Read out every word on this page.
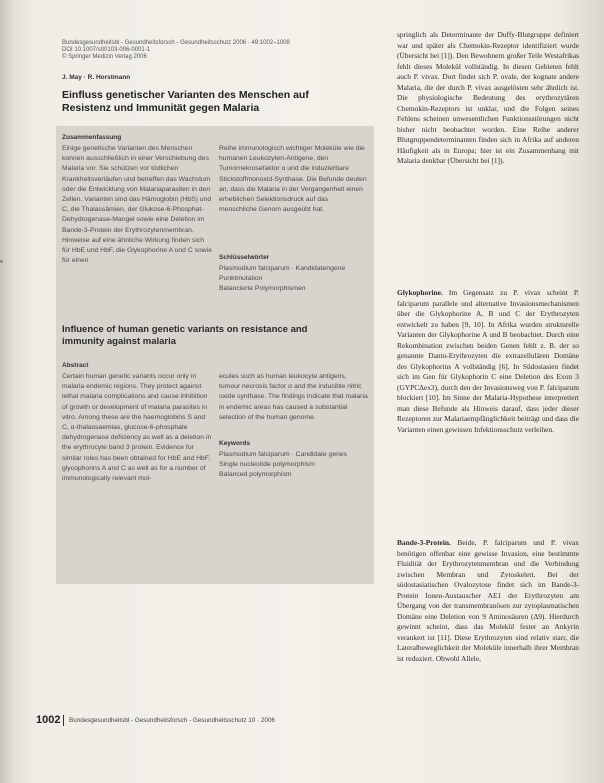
Bundesgesundheitsbl - Gesundheitsforsch - Gesundheitsschutz 2006 · 49:1002–1008
DOI 10.1007/s00103-006-0001-1
© Springer Medizin Verlag 2006
J. May · R. Horstmann
Einfluss genetischer Varianten des Menschen auf Resistenz und Immunität gegen Malaria
Zusammenfassung
Einige genetische Varianten des Menschen konnen ausschließlich in einer Verschiebung des Malaria vor. Sie schützen vor tödlichen Krankheitsverläufen und betreffen das Wachstum oder die Entwicklung von Malariaparasiten in den Zellen. Varianten sind das Hämoglobin (HbS) und C, die Thalassämien, der Glukose-6-Phosphat-Dehydrogenase-Mangel sowie eine Deletion im Bande-3-Protein der Erythrozytenmembran. Hinweise auf eine ähnliche Wirkung finden sich für HbE und HbF, die Glykophorine A und C sowie für einen
Reihe immunologisch wichtiger Moleküle wie die humanen Leukozyten-Antigene, den Tumornekrosefaktor α und die induzierbare Stickstoffmonoxid-Synthase. Die Befunde deuten an, dass die Malaria in der Vergangenheit einen erheblichen Selektionsdruck auf das menschliche Genom ausgeübt hat.
Schlüsselwörter
Plasmodium falciparum · Kandidatengene
Punktmutation
Balancierte Polymorphismen
Influence of human genetic variants on resistance and immunity against malaria
Abstract
Certain human genetic variants occur only in malaria endemic regions. They protect against lethal malaria complications and cause inhibition of growth or development of malaria parasites in vitro. Among these are the haemoglobins S and C, α-thalassaemias, glucose-6-phosphate dehydrogenase deficiency as well as a deletion in the erythrocyte band 3 protein. Evidence for similar roles has been obtained for HbE and HbF, glycophorins A and C as well as for a number of immunologically relevant mol-
ecules such as human leukocyte antigens, tumour necrosis factor α and the inducible nitric oxide synthase. The findings indicate that malaria in endemic areas has caused a substantial selection of the human genome.
Keywords
Plasmodium falciparum · Candidate genes
Single nucleotide polymorphism
Balanced polymorphism

springlich als Determinante der Duffy-Blutgruppe definiert war und später als Chemokin-Rezeptor identifiziert wurde (Übersicht bei [1]). Den Bewohnern großer Teile Westafrikas fehlt dieses Molekül vollständig. In diesen Gebieten fehlt auch P. vivax. Dort findet sich P. ovale, der kognate andere Malaria, die der durch P. vivax ausgelösten sehr ähnlich ist. Die physiologische Bedeutung des erythrozytären Chemokin-Rezeptors ist unklar, und die Folgen seines Fehlens scheinen unwesentlichen Funktionsstörungen nicht bisher nicht beobachtet worden. Eine Reihe anderer Blutgruppendeterminanten finden sich in Afrika auf anderen Häufigkeit als in Europa; hier ist ein Zusammenhang mit Malaria denkbar (Übersicht bei [1]).

Glykophorine. Im Gegensatz zu P. vivax scheint P. falciparum parallele und alternative Invasionsmechanismen über die Glykophorine A, B und C der Erythrozyten entwickelt zu haben [9, 10]. In Afrika wurden strukturelle Varianten der Glykophorine A und B beobachtet. Durch eine Rekombination zwischen beiden Genen fehlt z. B. der so genannte Dantu-Erythrozyten die extrazellulären Domäne des Glykophorins A vollständig [6]. In Südostasien findet sich im Gen für Glykophorin C eine Deletion des Exon 3 (GYPCΔex3), durch den der Invasionsweg von P. falciparum blockiert [10]. Im Sinne der Malaria-Hypothese interpretiert man diese Befunde als Hinweis darauf, dass jeder dieser Rezeptoren zur Malariaempfänglichkeit beiträgt und dass die Varianten einen gewissen Infektionsschutz verleihen.

Bande-3-Protein. Beide, P. falciparum und P. vivax benötigen offenbar eine gewisse Invasion, eine bestimmte Fluidität der Erythrozytenmembran und die Verbindung zwischen Membran und Zytoskelett. Bei der südostasiatischen Ovalozytose findet sich im Bande-3-Protein Ionen-Austauscher AE1 der Erythrozyten am Übergang von der transmembranösen zur zytoplasmatischen Domäne eine Deletion von 9 Aminosäuren (Δ9). Hierdurch gewinnt scheint, dass das Molekül fester an Ankyrin verankert ist [11]. Diese Erythrozyten sind relativ starr, die Lateralbeweglichkeit der Moleküle innerhalb ihrer Membran ist reduziert. Obwohl Allele,

1002 Bundesgesundheitsbl - Gesundheitsforsch - Gesundheitsschutz 10 · 2006
